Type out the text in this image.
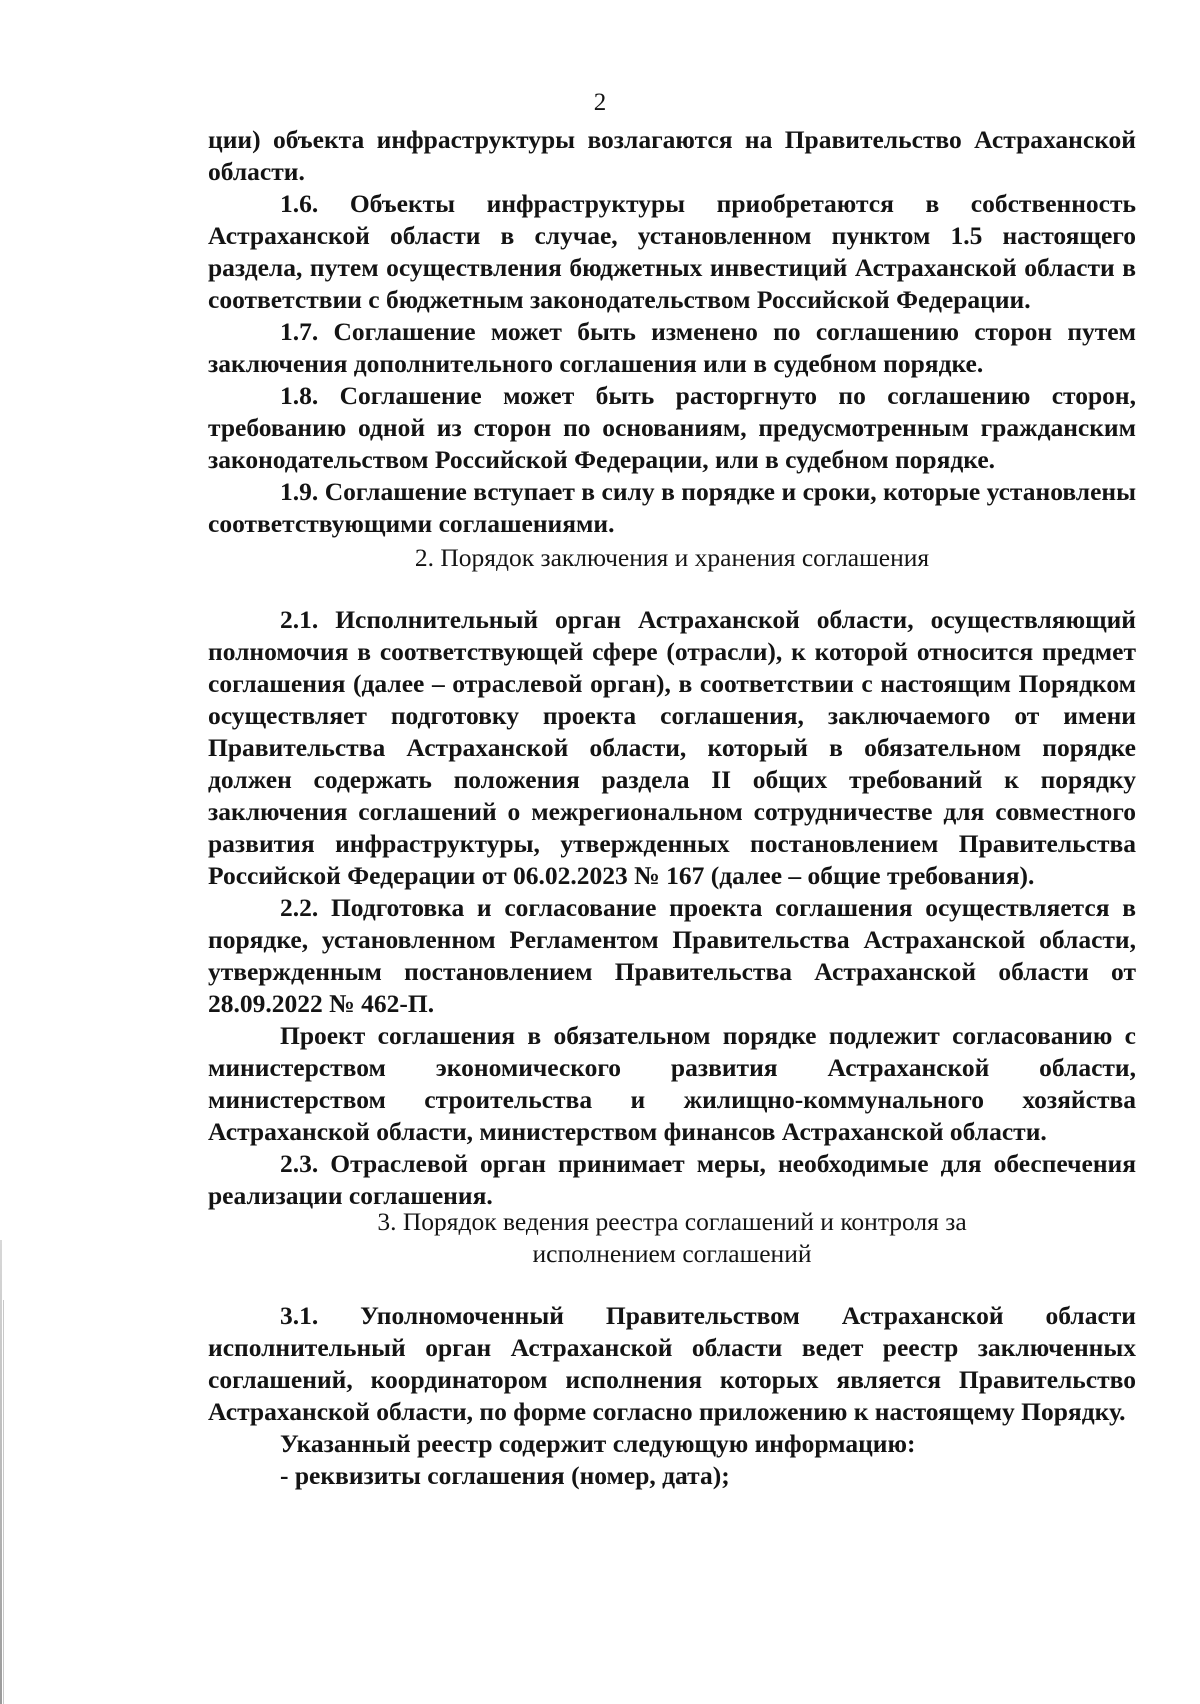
2

ции) объекта инфраструктуры возлагаются на Правительство Астраханской области.

1.6. Объекты инфраструктуры приобретаются в собственность Астраханской области в случае, установленном пунктом 1.5 настоящего раздела, путем осуществления бюджетных инвестиций Астраханской области в соответствии с бюджетным законодательством Российской Федерации.

1.7. Соглашение может быть изменено по соглашению сторон путем заключения дополнительного соглашения или в судебном порядке.

1.8. Соглашение может быть расторгнуто по соглашению сторон, требованию одной из сторон по основаниям, предусмотренным гражданским законодательством Российской Федерации, или в судебном порядке.

1.9. Соглашение вступает в силу в порядке и сроки, которые установлены соответствующими соглашениями.

2. Порядок заключения и хранения соглашения

2.1. Исполнительный орган Астраханской области, осуществляющий полномочия в соответствующей сфере (отрасли), к которой относится предмет соглашения (далее – отраслевой орган), в соответствии с настоящим Порядком осуществляет подготовку проекта соглашения, заключаемого от имени Правительства Астраханской области, который в обязательном порядке должен содержать положения раздела II общих требований к порядку заключения соглашений о межрегиональном сотрудничестве для совместного развития инфраструктуры, утвержденных постановлением Правительства Российской Федерации от 06.02.2023 № 167 (далее – общие требования).

2.2. Подготовка и согласование проекта соглашения осуществляется в порядке, установленном Регламентом Правительства Астраханской области, утвержденным постановлением Правительства Астраханской области от 28.09.2022 № 462-П.

Проект соглашения в обязательном порядке подлежит согласованию с министерством экономического развития Астраханской области, министерством строительства и жилищно-коммунального хозяйства Астраханской области, министерством финансов Астраханской области.

2.3. Отраслевой орган принимает меры, необходимые для обеспечения реализации соглашения.

3. Порядок ведения реестра соглашений и контроля за
исполнением соглашений

3.1. Уполномоченный Правительством Астраханской области исполнительный орган Астраханской области ведет реестр заключенных соглашений, координатором исполнения которых является Правительство Астраханской области, по форме согласно приложению к настоящему Порядку.

Указанный реестр содержит следующую информацию:

- реквизиты соглашения (номер, дата);
